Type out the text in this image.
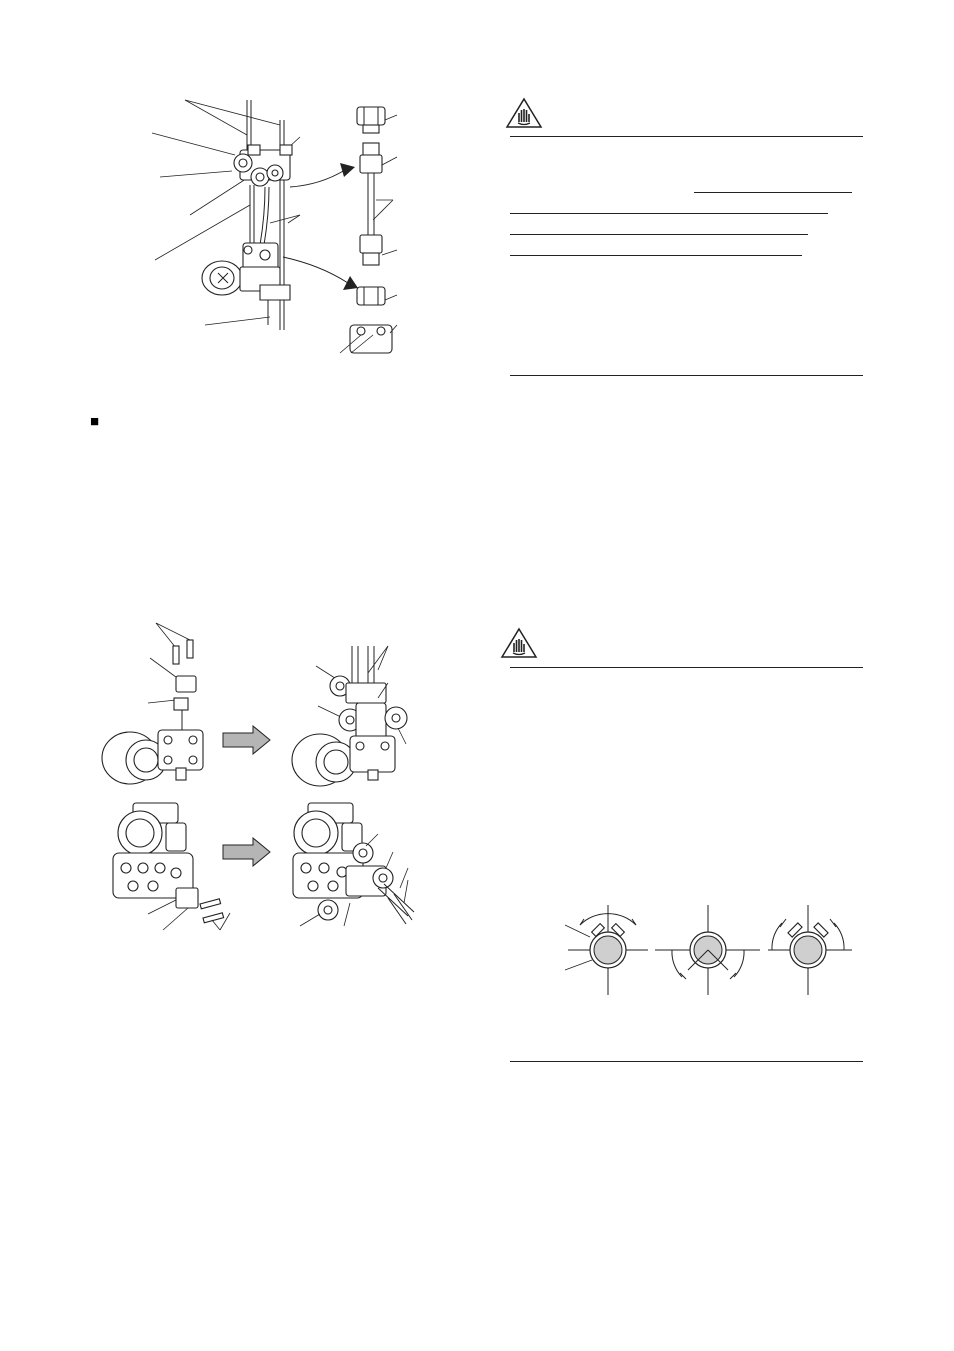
■
